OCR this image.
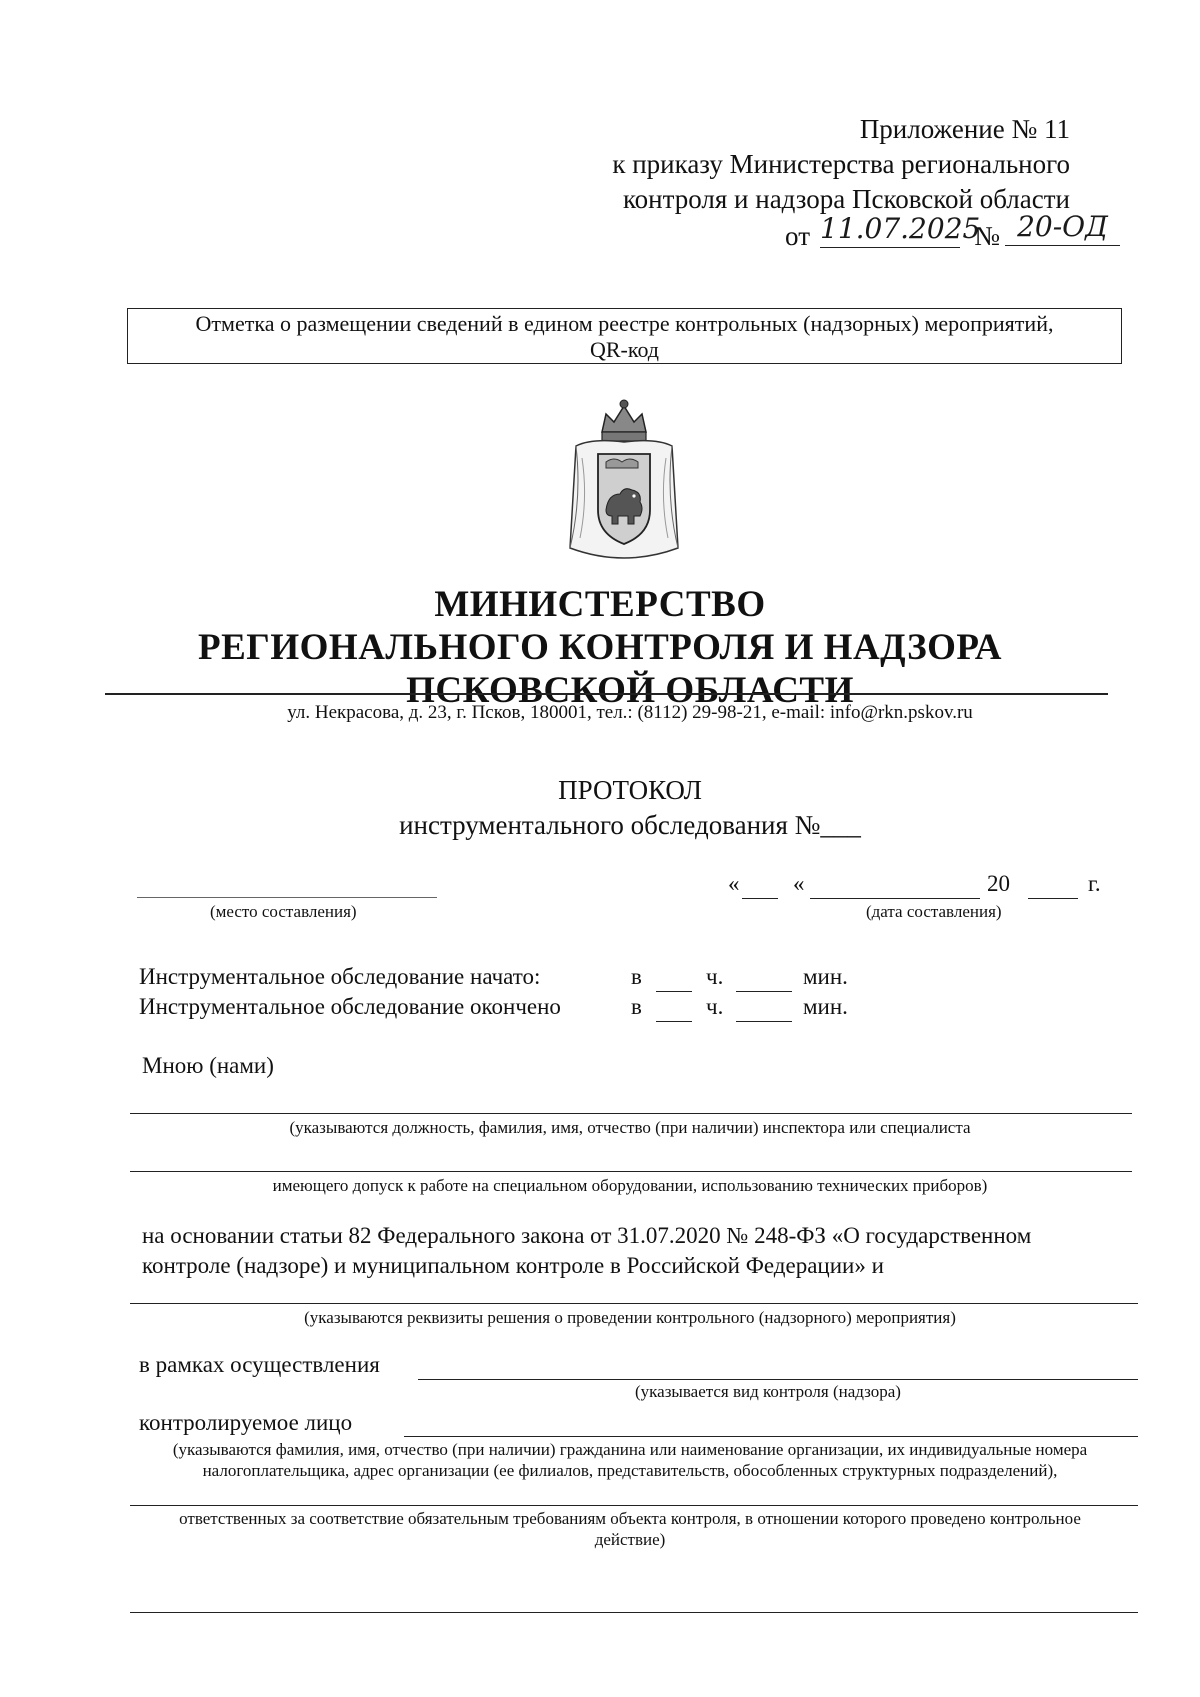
Приложение № 11
к приказу Министерства регионального
контроля и надзора Псковской области
от 11.07.2025
№ 20-ОД
Отметка о размещении сведений в едином реестре контрольных (надзорных) мероприятий,
QR-код
МИНИСТЕРСТВО
РЕГИОНАЛЬНОГО КОНТРОЛЯ И НАДЗОРА
ПСКОВСКОЙ ОБЛАСТИ
ул. Некрасова, д. 23, г. Псков, 180001, тел.: (8112) 29-98-21, e-mail: info@rkn.pskov.ru
ПРОТОКОЛ
инструментального обследования №___
(место составления)
« «	20	г.
(дата составления)
Инструментальное обследование начато:	в	ч.	мин.
Инструментальное обследование окончено	в	ч.	мин.
Мною (нами)
(указываются должность, фамилия, имя, отчество (при наличии) инспектора или специалиста
имеющего допуск к работе на специальном оборудовании, использованию технических приборов)
на основании статьи 82 Федерального закона от 31.07.2020 № 248-ФЗ «О государственном
контроле (надзоре) и муниципальном контроле в Российской Федерации» и
(указываются реквизиты решения о проведении контрольного (надзорного) мероприятия)
в рамках осуществления
(указывается вид контроля (надзора)
контролируемое лицо
(указываются фамилия, имя, отчество (при наличии) гражданина или наименование организации, их индивидуальные номера
налогоплательщика, адрес организации (ее филиалов, представительств, обособленных структурных подразделений),
ответственных за соответствие обязательным требованиям объекта контроля, в отношении которого проведено контрольное
действие)
